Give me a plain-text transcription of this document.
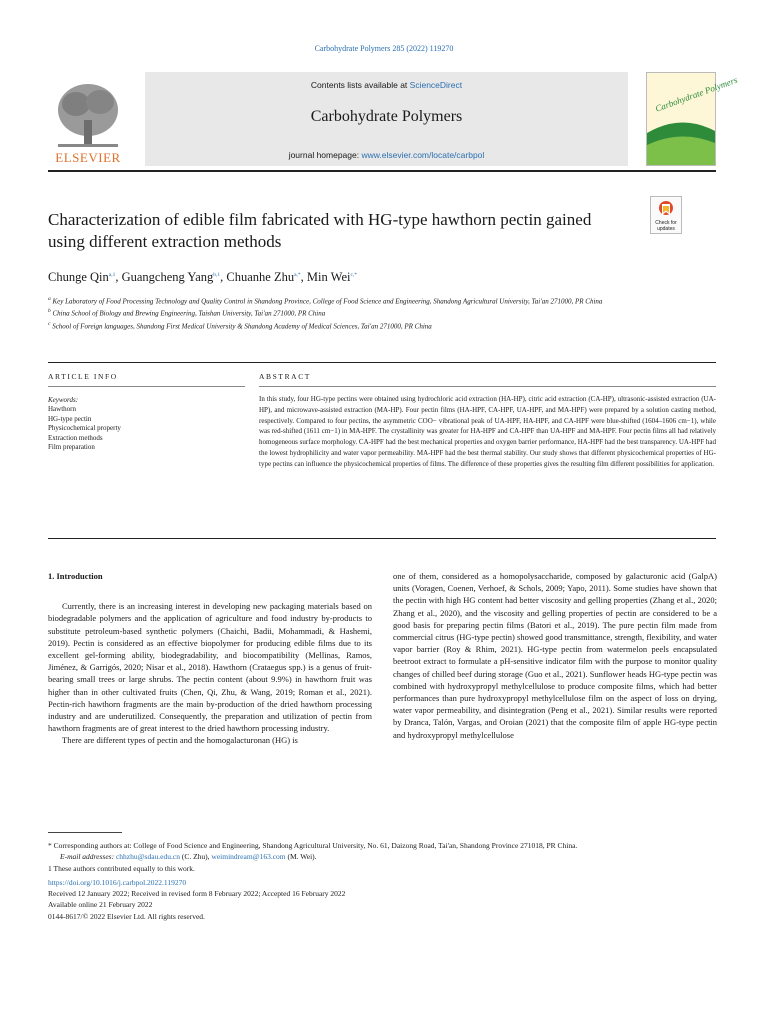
Carbohydrate Polymers 285 (2022) 119270
Contents lists available at ScienceDirect
Carbohydrate Polymers
journal homepage: www.elsevier.com/locate/carbpol
ELSEVIER
Carbohydrate Polymers
Characterization of edible film fabricated with HG-type hawthorn pectin gained using different extraction methods
Check for updates
Chunge Qin$^{a,1}$, Guangcheng Yang$^{b,1}$, Chuanhe Zhu$^{a,*}$, Min Wei$^{c,*}$
$^a$ Key Laboratory of Food Processing Technology and Quality Control in Shandong Province, College of Food Science and Engineering, Shandong Agricultural University, Tai'an 271000, PR China
$^b$ China School of Biology and Brewing Engineering, Taishan University, Tai'an 271000, PR China
$^c$ School of Foreign languages, Shandong First Medical University & Shandong Academy of Medical Sciences, Tai'an 271000, PR China
ARTICLE INFO	ABSTRACT
Keywords:
Hawthorn
HG-type pectin
Physicochemical property
Extraction methods
Film preparation
In this study, four HG-type pectins were obtained using hydrochloric acid extraction (HA-HP), citric acid extraction (CA-HP), ultrasonic-assisted extraction (UA-HP), and microwave-assisted extraction (MA-HP). Four pectin films (HA-HPF, CA-HPF, UA-HPF, and MA-HPF) were prepared by a solution casting method, respectively. Compared to four pectins, the asymmetric COO− vibrational peak of UA-HPF, HA-HPF, and CA-HPF were blue-shifted (1604–1606 cm−1), while was red-shifted (1611 cm−1) in MA-HPF. The crystallinity was greater for HA-HPF and CA-HPF than UA-HPF and MA-HPF. Four pectin films all had relatively homogeneous surface morphology. CA-HPF had the best mechanical properties and oxygen barrier performance, HA-HPF had the best transparency. UA-HPF had the lowest hydrophilicity and water vapor permeability. MA-HPF had the best thermal stability. Our study shows that different physicochemical properties of HG-type pectins can influence the physicochemical properties of films. The difference of these properties gives the resulting film different possibilities for application.
1. Introduction

Currently, there is an increasing interest in developing new packaging materials based on biodegradable polymers and the application of agriculture and food industry by-products to substitute petroleum-based synthetic polymers (Chaichi, Badii, Mohammadi, & Hashemi, 2019). Pectin is considered as an effective biopolymer for producing edible films due to its excellent gel-forming ability, biodegradability, and biocompatibility (Mellinas, Ramos, Jiménez, & Garrigós, 2020; Nisar et al., 2018). Hawthorn (Crataegus spp.) is a genus of fruit-bearing small trees or large shrubs. The pectin content (about 9.9%) in hawthorn fruit was higher than in other cultivated fruits (Chen, Qi, Zhu, & Wang, 2019; Roman et al., 2021). Pectin-rich hawthorn fragments are the main by-production of the dried hawthorn processing industry and are underutilized. Consequently, the preparation and utilization of pectin from hawthorn fragments are of great interest to the dried hawthorn processing industry.

There are different types of pectin and the homogalacturonan (HG) is

one of them, considered as a homopolysaccharide, composed by galacturonic acid (GalpA) units (Voragen, Coenen, Verhoef, & Schols, 2009; Yapo, 2011). Some studies have shown that the pectin with high HG content had better viscosity and gelling properties (Zhang et al., 2020; Zhang et al., 2020), and the viscosity and gelling properties of pectin are considered to be a good basis for preparing pectin films (Batori et al., 2019). The pure pectin film made from commercial citrus (HG-type pectin) showed good transmittance, strength, flexibility, and water vapor barrier (Roy & Rhim, 2021). HG-type pectin from watermelon peels encapsulated beetroot extract to formulate a pH-sensitive indicator film with the purpose to monitor quality changes of chilled beef during storage (Guo et al., 2021). Sunflower heads HG-type pectin was combined with hydroxypropyl methylcellulose to produce composite films, which had better performances than pure hydroxypropyl methylcellulose film on the aspect of loss on drying, water vapor permeability, and disintegration (Peng et al., 2021). Similar results were reported by Dranca, Talón, Vargas, and Oroian (2021) that the composite film of apple HG-type pectin and hydroxypropyl methylcellulose

* Corresponding authors at: College of Food Science and Engineering, Shandong Agricultural University, No. 61, Daizong Road, Tai'an, Shandong Province 271018, PR China.

E-mail addresses: chhzhu@sdau.edu.cn (C. Zhu), weimindream@163.com (M. Wei).

1 These authors contributed equally to this work.

https://doi.org/10.1016/j.carbpol.2022.119270

Received 12 January 2022; Received in revised form 8 February 2022; Accepted 16 February 2022

Available online 21 February 2022

0144-8617/© 2022 Elsevier Ltd. All rights reserved.
